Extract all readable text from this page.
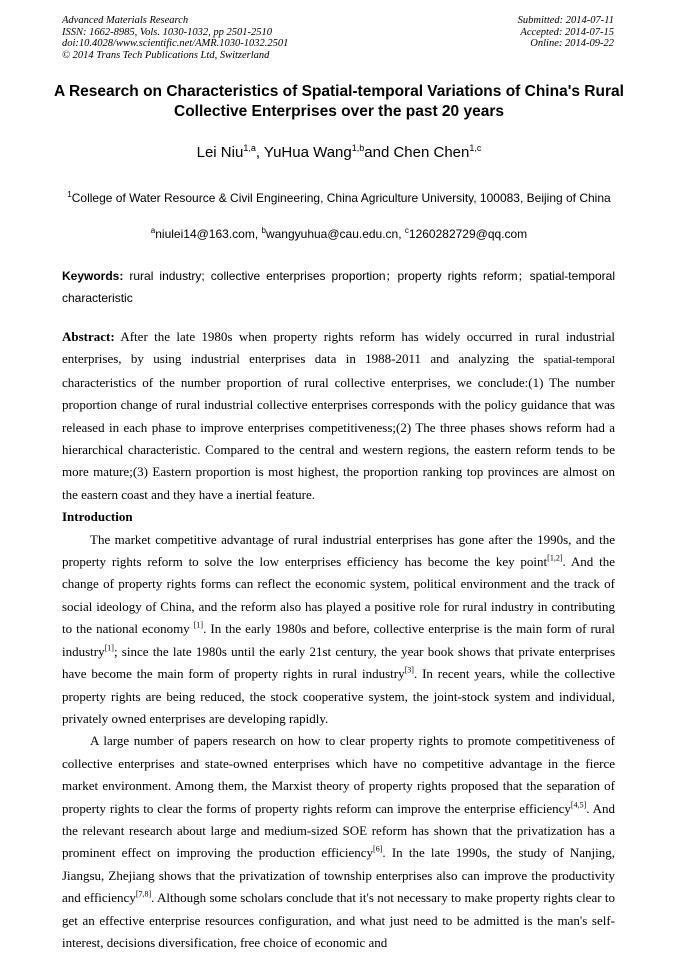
Advanced Materials Research	Submitted: 2014-07-11
ISSN: 1662-8985, Vols. 1030-1032, pp 2501-2510	Accepted: 2014-07-15
doi:10.4028/www.scientific.net/AMR.1030-1032.2501	Online: 2014-09-22
© 2014 Trans Tech Publications Ltd, Switzerland
A Research on Characteristics of Spatial-temporal Variations of China's Rural Collective Enterprises over the past 20 years
Lei Niu$^{1,a}$, YuHua Wang$^{1,b}$and Chen Chen$^{1,c}$
$^1$College of Water Resource & Civil Engineering, China Agriculture University, 100083, Beijing of China
$^a$niulei14@163.com, $^b$wangyuhua@cau.edu.cn, $^c$1260282729@qq.com
Keywords: rural industry; collective enterprises proportion；property rights reform；spatial-temporal characteristic

Abstract: After the late 1980s when property rights reform has widely occurred in rural industrial enterprises, by using industrial enterprises data in 1988-2011 and analyzing the spatial-temporal characteristics of the number proportion of rural collective enterprises, we conclude:(1) The number proportion change of rural industrial collective enterprises corresponds with the policy guidance that was released in each phase to improve enterprises competitiveness;(2) The three phases shows reform had a hierarchical characteristic. Compared to the central and western regions, the eastern reform tends to be more mature;(3) Eastern proportion is most highest, the proportion ranking top provinces are almost on the eastern coast and they have a inertial feature.

Introduction

The market competitive advantage of rural industrial enterprises has gone after the 1990s, and the property rights reform to solve the low enterprises efficiency has become the key point[1,2]. And the change of property rights forms can reflect the economic system, political environment and the track of social ideology of China, and the reform also has played a positive role for rural industry in contributing to the national economy [1]. In the early 1980s and before, collective enterprise is the main form of rural industry[1]; since the late 1980s until the early 21st century, the year book shows that private enterprises have become the main form of property rights in rural industry[3]. In recent years, while the collective property rights are being reduced, the stock cooperative system, the joint-stock system and individual, privately owned enterprises are developing rapidly.

A large number of papers research on how to clear property rights to promote competitiveness of collective enterprises and state-owned enterprises which have no competitive advantage in the fierce market environment. Among them, the Marxist theory of property rights proposed that the separation of property rights to clear the forms of property rights reform can improve the enterprise efficiency[4,5]. And the relevant research about large and medium-sized SOE reform has shown that the privatization has a prominent effect on improving the production efficiency[6]. In the late 1990s, the study of Nanjing, Jiangsu, Zhejiang shows that the privatization of township enterprises also can improve the productivity and efficiency[7,8]. Although some scholars conclude that it's not necessary to make property rights clear to get an effective enterprise resources configuration, and what just need to be admitted is the man's self-interest, decisions diversification, free choice of economic and
